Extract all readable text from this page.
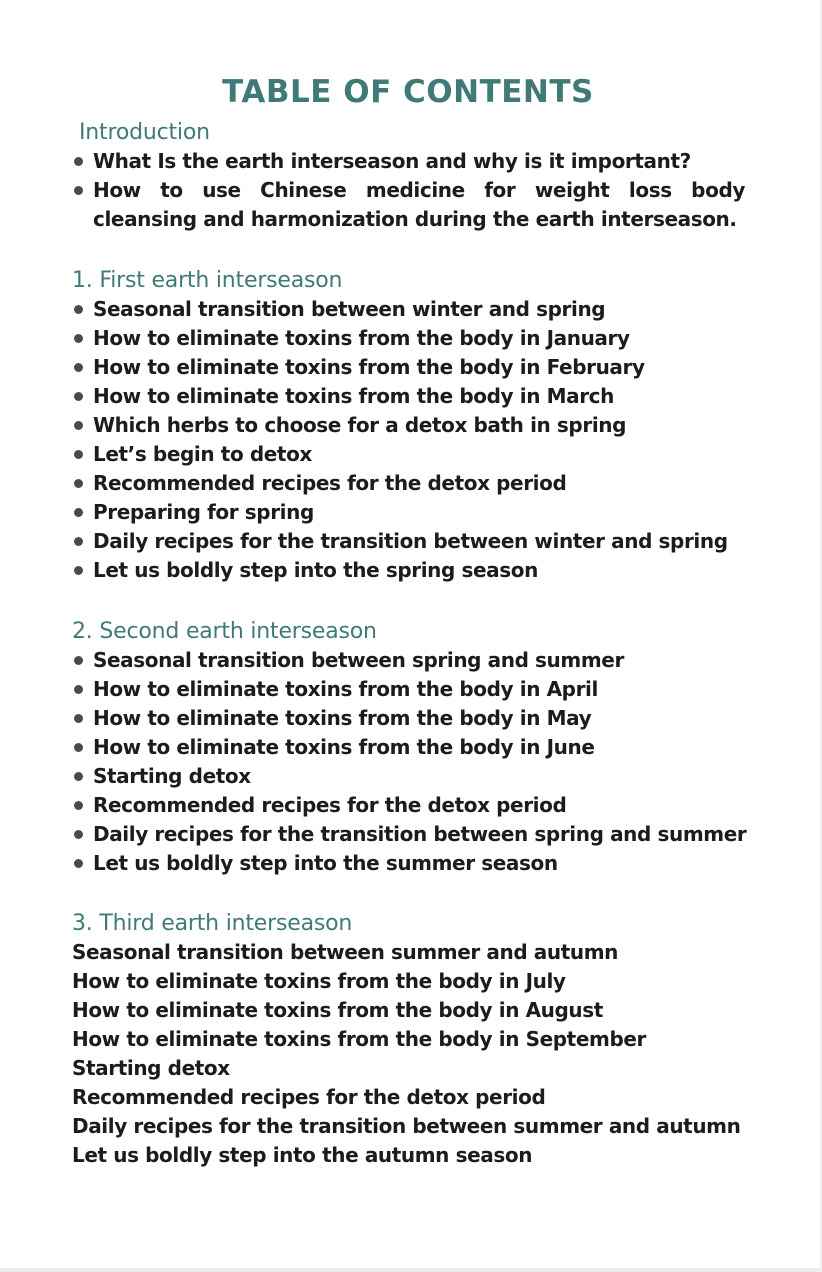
TABLE OF CONTENTS
Introduction
What Is the earth interseason and why is it important?
How to use Chinese medicine for weight loss body cleansing and harmonization during the earth interseason.
1. First earth interseason
Seasonal transition between winter and spring
How to eliminate toxins from the body in January
How to eliminate toxins from the body in February
How to eliminate toxins from the body in March
Which herbs to choose for a detox bath in spring
Let’s begin to detox
Recommended recipes for the detox period
Preparing for spring
Daily recipes for the transition between winter and spring
Let us boldly step into the spring season
2. Second earth interseason
Seasonal transition between spring and summer
How to eliminate toxins from the body in April
How to eliminate toxins from the body in May
How to eliminate toxins from the body in June
Starting detox
Recommended recipes for the detox period
Daily recipes for the transition between spring and summer
Let us boldly step into the summer season
3. Third earth interseason
Seasonal transition between summer and autumn
How to eliminate toxins from the body in July
How to eliminate toxins from the body in August
How to eliminate toxins from the body in September
Starting detox
Recommended recipes for the detox period
Daily recipes for the transition between summer and autumn
Let us boldly step into the autumn season
